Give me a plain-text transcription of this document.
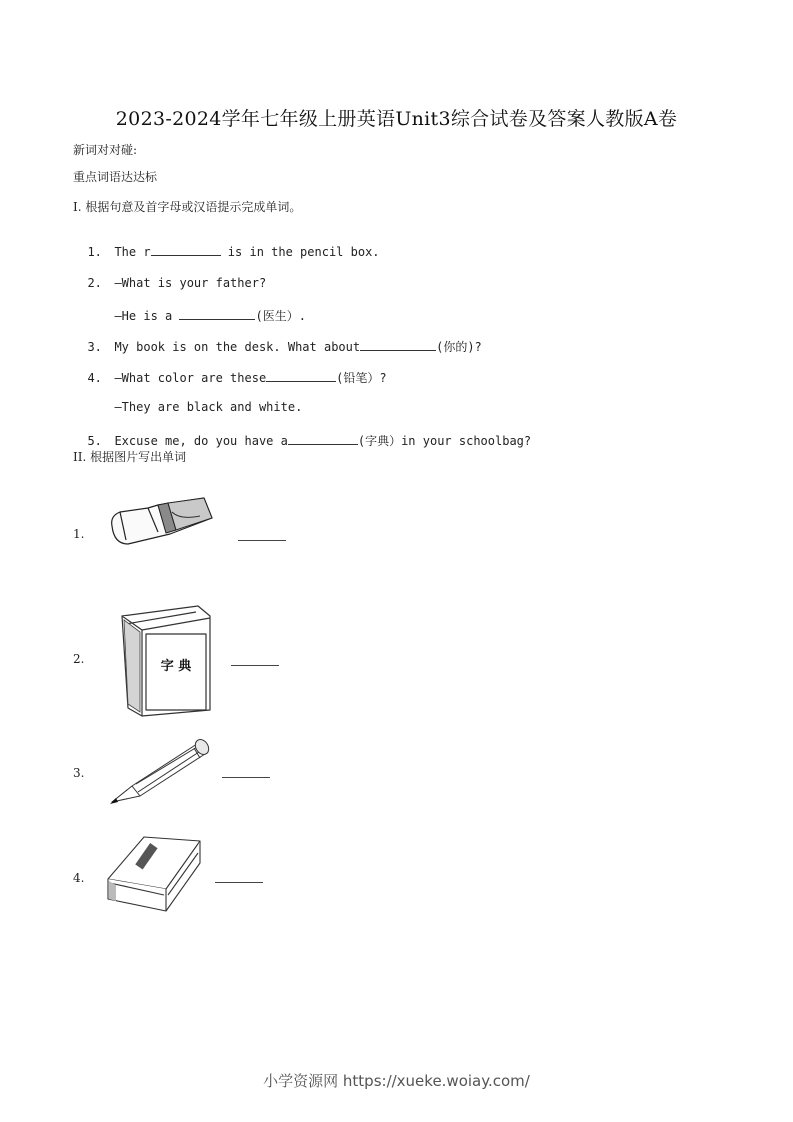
2023-2024学年七年级上册英语Unit3综合试卷及答案人教版A卷
新词对对碰:
重点词语达达标
I. 根据句意及首字母或汉语提示完成单词。

1. The r	is in the pencil box.

2. —What is your father?

—He is a	(医生）.

3. My book is on the desk. What about	(你的)?

4. —What color are these	(铅笔）?

—They are black and white.

5. Excuse me, do you have a	(字典）in your schoolbag?

II. 根据图片写出单词
1.
2.	字 典
3.
4.
小学资源网 https://xueke.woiay.com/
